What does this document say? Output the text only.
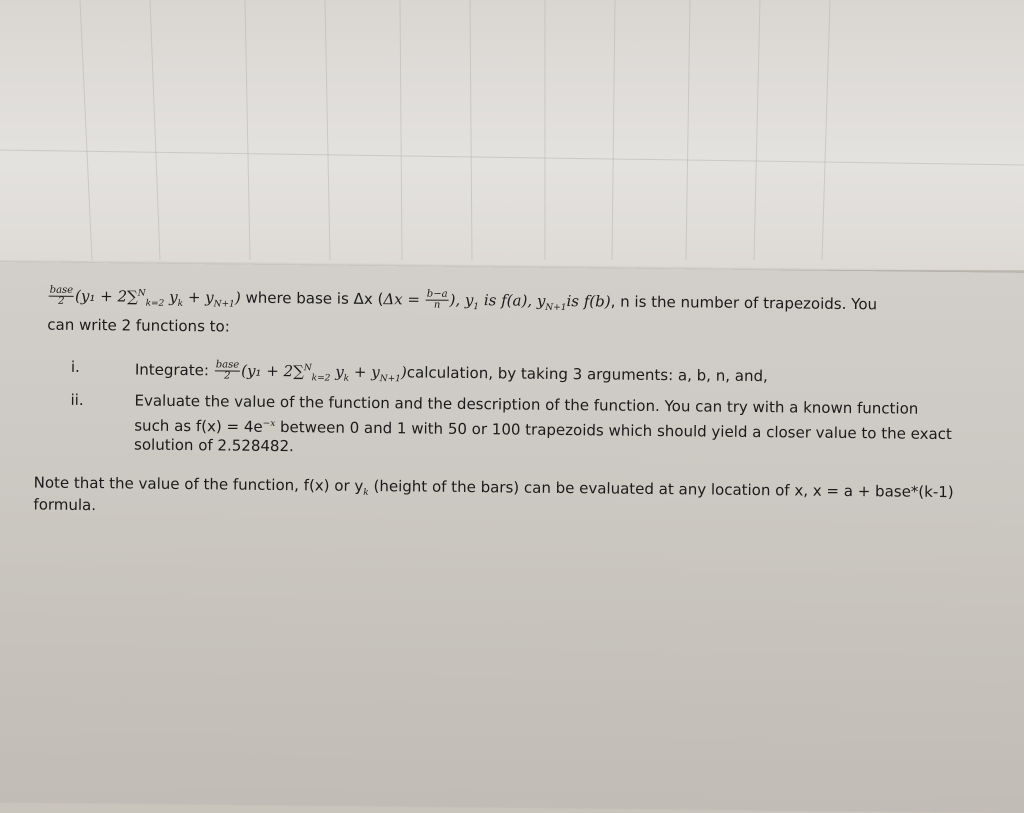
$\frac{\text{base}}{2} (y_1 + 2\sum^N_{k=2}$ $y_k + y_{N+1}$) where base is Δx ($\Delta x = \frac{b-a}{n}$ ), $y_1$ is f(a), $y_{N+1}is$ f(b), n is the number of trapezoids. You
can write 2 functions to:
i.	Integrate: $\frac{\text{base}}{2} (y_1 + 2\sum^N_{k=2}$ $y_k$ + $y_{N+1})calculation$, by taking 3 arguments: a, b, n, and,
ii.	Evaluate the value of the function and the description of the function. You can try with a known function
such as $f(x) = 4e^{-x}$ between 0 and 1 with 50 or 100 trapezoids which should yield a closer value to the exact
solution of 2.528482.
Note that the value of the function, f(x) or $y_k$ (height of the bars) can be evaluated at any location of x, x = a + base*(k-1)
formula.
